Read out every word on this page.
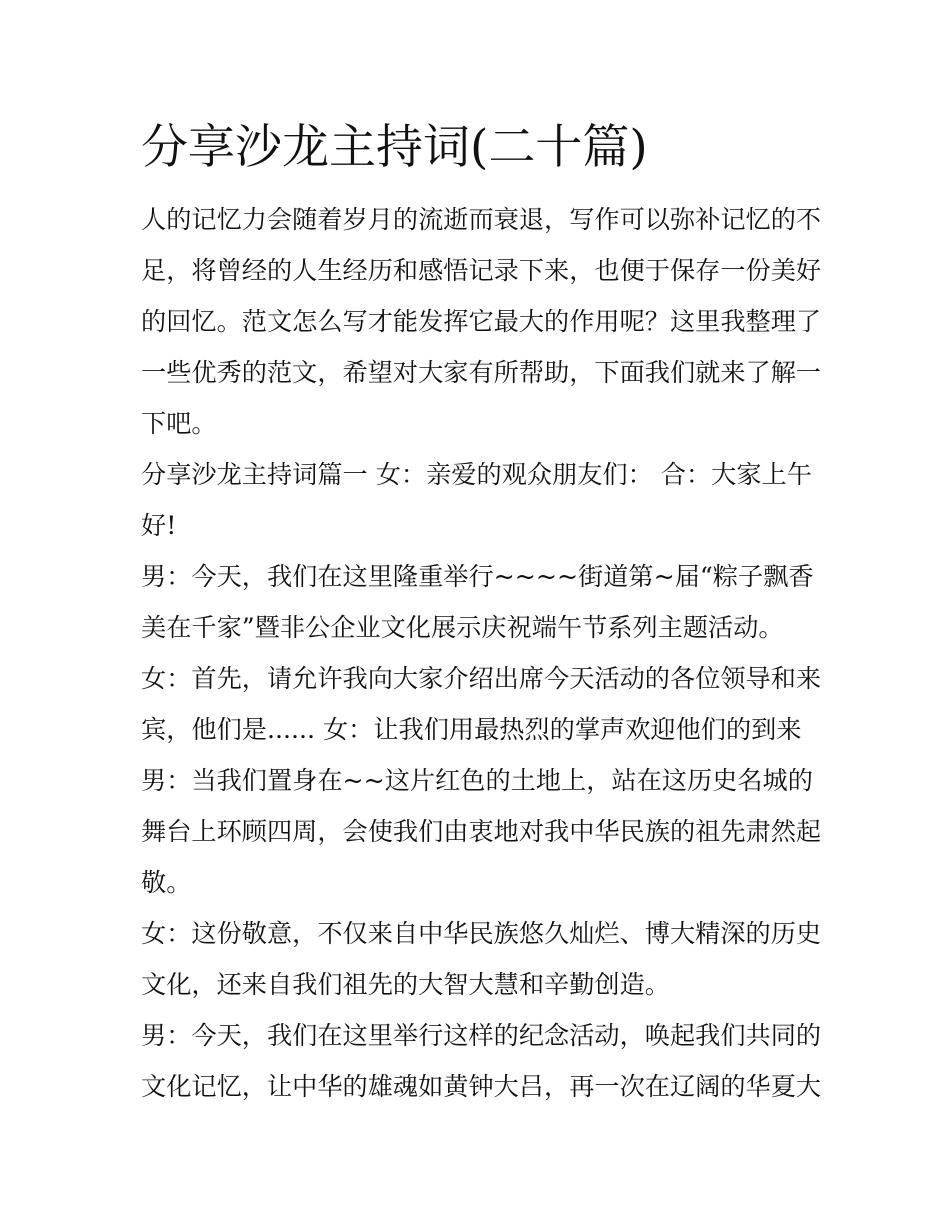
分享沙龙主持词(二十篇)
人的记忆力会随着岁月的流逝而衰退，写作可以弥补记忆的不
足，将曾经的人生经历和感悟记录下来，也便于保存一份美好
的回忆。范文怎么写才能发挥它最大的作用呢？这里我整理了
一些优秀的范文，希望对大家有所帮助，下面我们就来了解一
下吧。
分享沙龙主持词篇一 女：亲爱的观众朋友们： 合：大家上午
好!
男：今天，我们在这里隆重举行~~~~街道第~届“粽子飘香
美在千家”暨非公企业文化展示庆祝端午节系列主题活动。
女：首先，请允许我向大家介绍出席今天活动的各位领导和来
宾，他们是...... 女：让我们用最热烈的掌声欢迎他们的到来
男：当我们置身在~~这片红色的土地上，站在这历史名城的
舞台上环顾四周，会使我们由衷地对我中华民族的祖先肃然起
敬。
女：这份敬意，不仅来自中华民族悠久灿烂、博大精深的历史
文化，还来自我们祖先的大智大慧和辛勤创造。
男：今天，我们在这里举行这样的纪念活动，唤起我们共同的
文化记忆，让中华的雄魂如黄钟大吕，再一次在辽阔的华夏大
